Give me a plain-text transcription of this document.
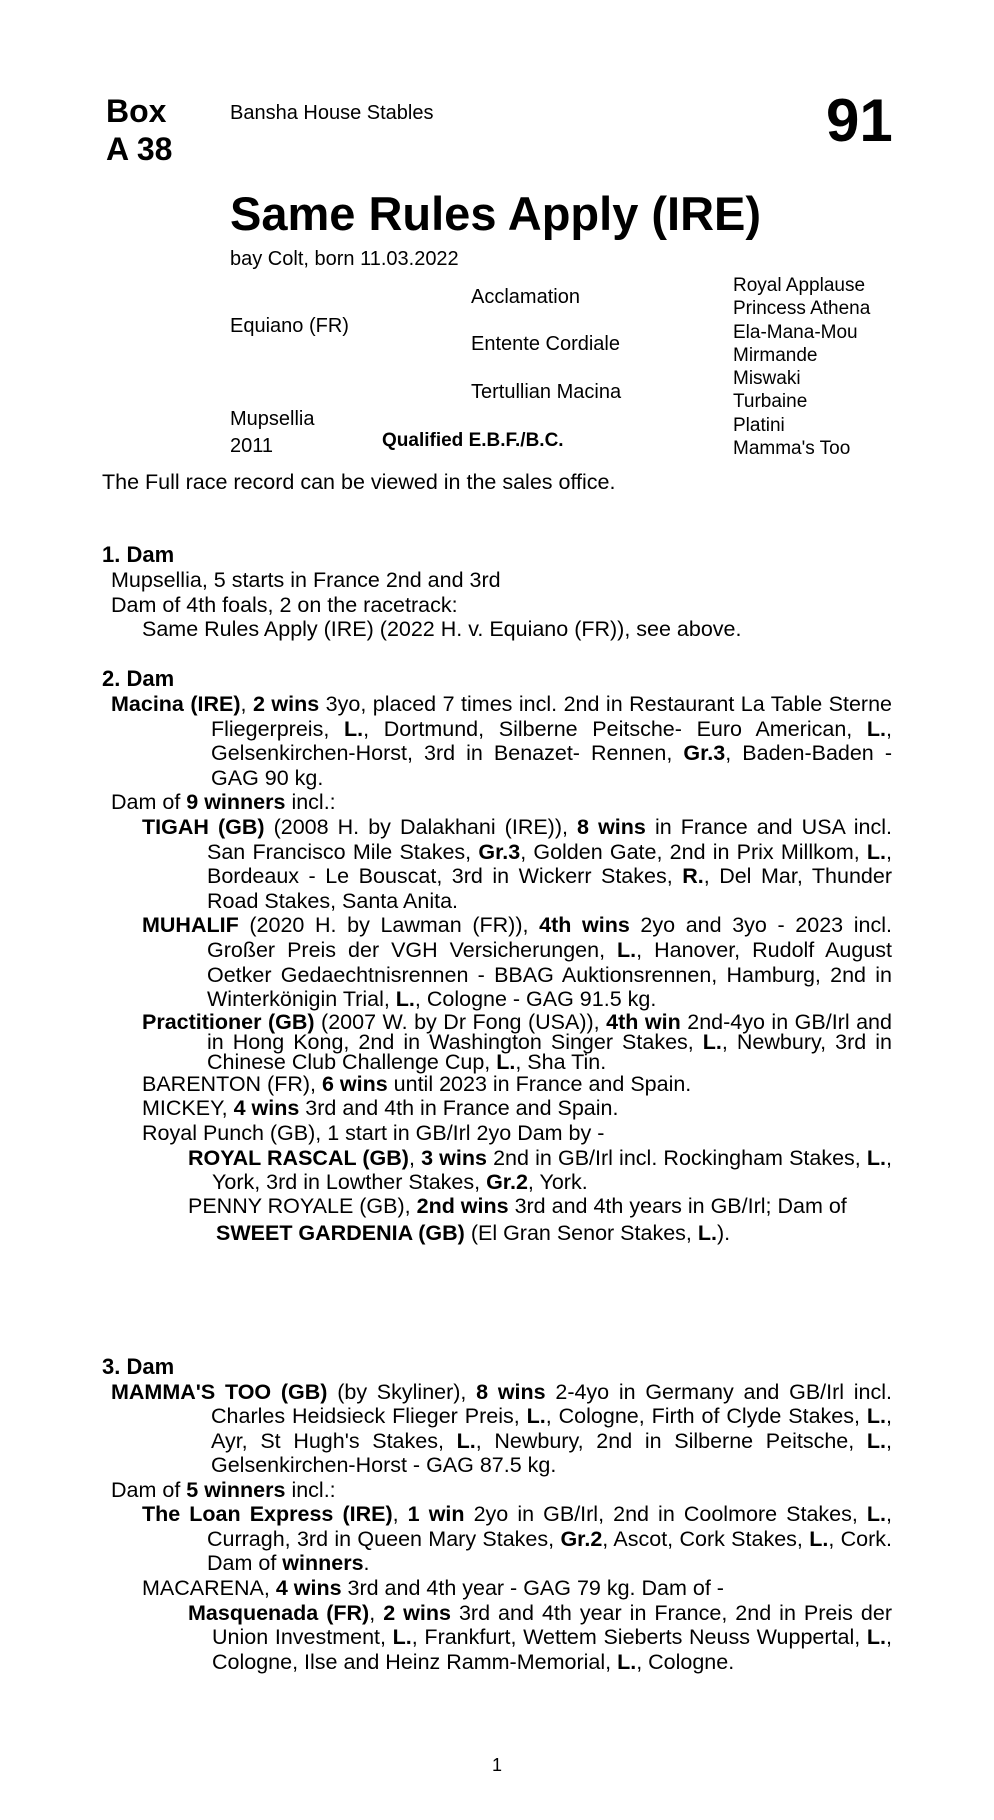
Box
A 38
Bansha House Stables	91
Same Rules Apply (IRE)
bay Colt, born 11.03.2022
Equiano (FR)
Mupsellia
2011
Acclamation
Entente Cordiale
Tertullian Macina
Royal Applause
Princess Athena
Ela-Mana-Mou
Mirmande
Miswaki
Turbaine
Platini
Mamma's Too
Qualified E.B.F./B.C.
The Full race record can be viewed in the sales office.
1. Dam
Mupsellia, 5 starts in France 2nd and 3rd
Dam of 4th foals, 2 on the racetrack:
Same Rules Apply (IRE) (2022 H. v. Equiano (FR)), see above.
2. Dam
Macina (IRE), 2 wins 3yo, placed 7 times incl. 2nd in Restaurant La Table Sterne Fliegerpreis, L., Dortmund, Silberne Peitsche- Euro American, L., Gelsenkirchen-Horst, 3rd in Benazet- Rennen, Gr.3, Baden-Baden - GAG 90 kg.
Dam of 9 winners incl.:
TIGAH (GB) (2008 H. by Dalakhani (IRE)), 8 wins in France and USA incl. San Francisco Mile Stakes, Gr.3, Golden Gate, 2nd in Prix Millkom, L., Bordeaux - Le Bouscat, 3rd in Wickerr Stakes, R., Del Mar, Thunder Road Stakes, Santa Anita.
MUHALIF (2020 H. by Lawman (FR)), 4th wins 2yo and 3yo - 2023 incl. Großer Preis der VGH Versicherungen, L., Hanover, Rudolf August Oetker Gedaechtnisrennen - BBAG Auktionsrennen, Hamburg, 2nd in Winterkönigin Trial, L., Cologne - GAG 91.5 kg.
Practitioner (GB) (2007 W. by Dr Fong (USA)), 4th win 2nd-4yo in GB/Irl and in Hong Kong, 2nd in Washington Singer Stakes, L., Newbury, 3rd in Chinese Club Challenge Cup, L., Sha Tin.
BARENTON (FR), 6 wins until 2023 in France and Spain.
MICKEY, 4 wins 3rd and 4th in France and Spain.
Royal Punch (GB), 1 start in GB/Irl 2yo Dam by -
ROYAL RASCAL (GB), 3 wins 2nd in GB/Irl incl. Rockingham Stakes, L., York, 3rd in Lowther Stakes, Gr.2, York.
PENNY ROYALE (GB), 2nd wins 3rd and 4th years in GB/Irl; Dam of
SWEET GARDENIA (GB) (El Gran Senor Stakes, L.).
3. Dam
MAMMA'S TOO (GB) (by Skyliner), 8 wins 2-4yo in Germany and GB/Irl incl. Charles Heidsieck Flieger Preis, L., Cologne, Firth of Clyde Stakes, L., Ayr, St Hugh's Stakes, L., Newbury, 2nd in Silberne Peitsche, L., Gelsenkirchen-Horst - GAG 87.5 kg.
Dam of 5 winners incl.:
The Loan Express (IRE), 1 win 2yo in GB/Irl, 2nd in Coolmore Stakes, L., Curragh, 3rd in Queen Mary Stakes, Gr.2, Ascot, Cork Stakes, L., Cork. Dam of winners.
MACARENA, 4 wins 3rd and 4th year - GAG 79 kg. Dam of -
Masquenada (FR), 2 wins 3rd and 4th year in France, 2nd in Preis der Union Investment, L., Frankfurt, Wettem Sieberts Neuss Wuppertal, L., Cologne, Ilse and Heinz Ramm-Memorial, L., Cologne.
1
